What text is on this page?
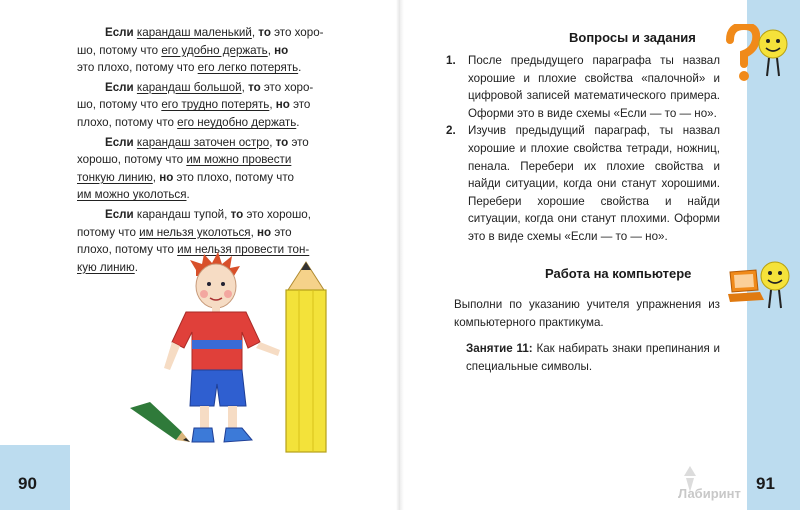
Если карандаш маленький, то это хоро-
шо, потому что его удобно держать, но
это плохо, потому что его легко потерять.
Если карандаш большой, то это хоро-
шо, потому что его трудно потерять, но это
плохо, потому что его неудобно держать.
Если карандаш заточен остро, то это
хорошо, потому что им можно провести
тонкую линию, но это плохо, потому что
им можно уколоться.
Если карандаш тупой, то это хорошо,
потому что им нельзя уколоться, но это
плохо, потому что им нельзя провести тон-
кую линию.
90
Вопросы и задания
1.	После предыдущего параграфа ты назвал хорошие и плохие свойства «палочной» и цифровой записей математического примера. Оформи это в виде схемы «Если — то — но».
2.	Изучив предыдущий параграф, ты назвал хорошие и плохие свойства тетради, ножниц, пенала. Перебери их плохие свойства и найди ситуации, когда они станут хорошими. Перебери хорошие свойства и найди ситуации, когда они станут плохими. Оформи это в виде схемы «Если — то — но».
Работа на компьютере
Выполни по указанию учителя упражнения из компьютерного практикума.
Занятие 11: Как набирать знаки препинания и специальные символы.
Лабиринт
91
